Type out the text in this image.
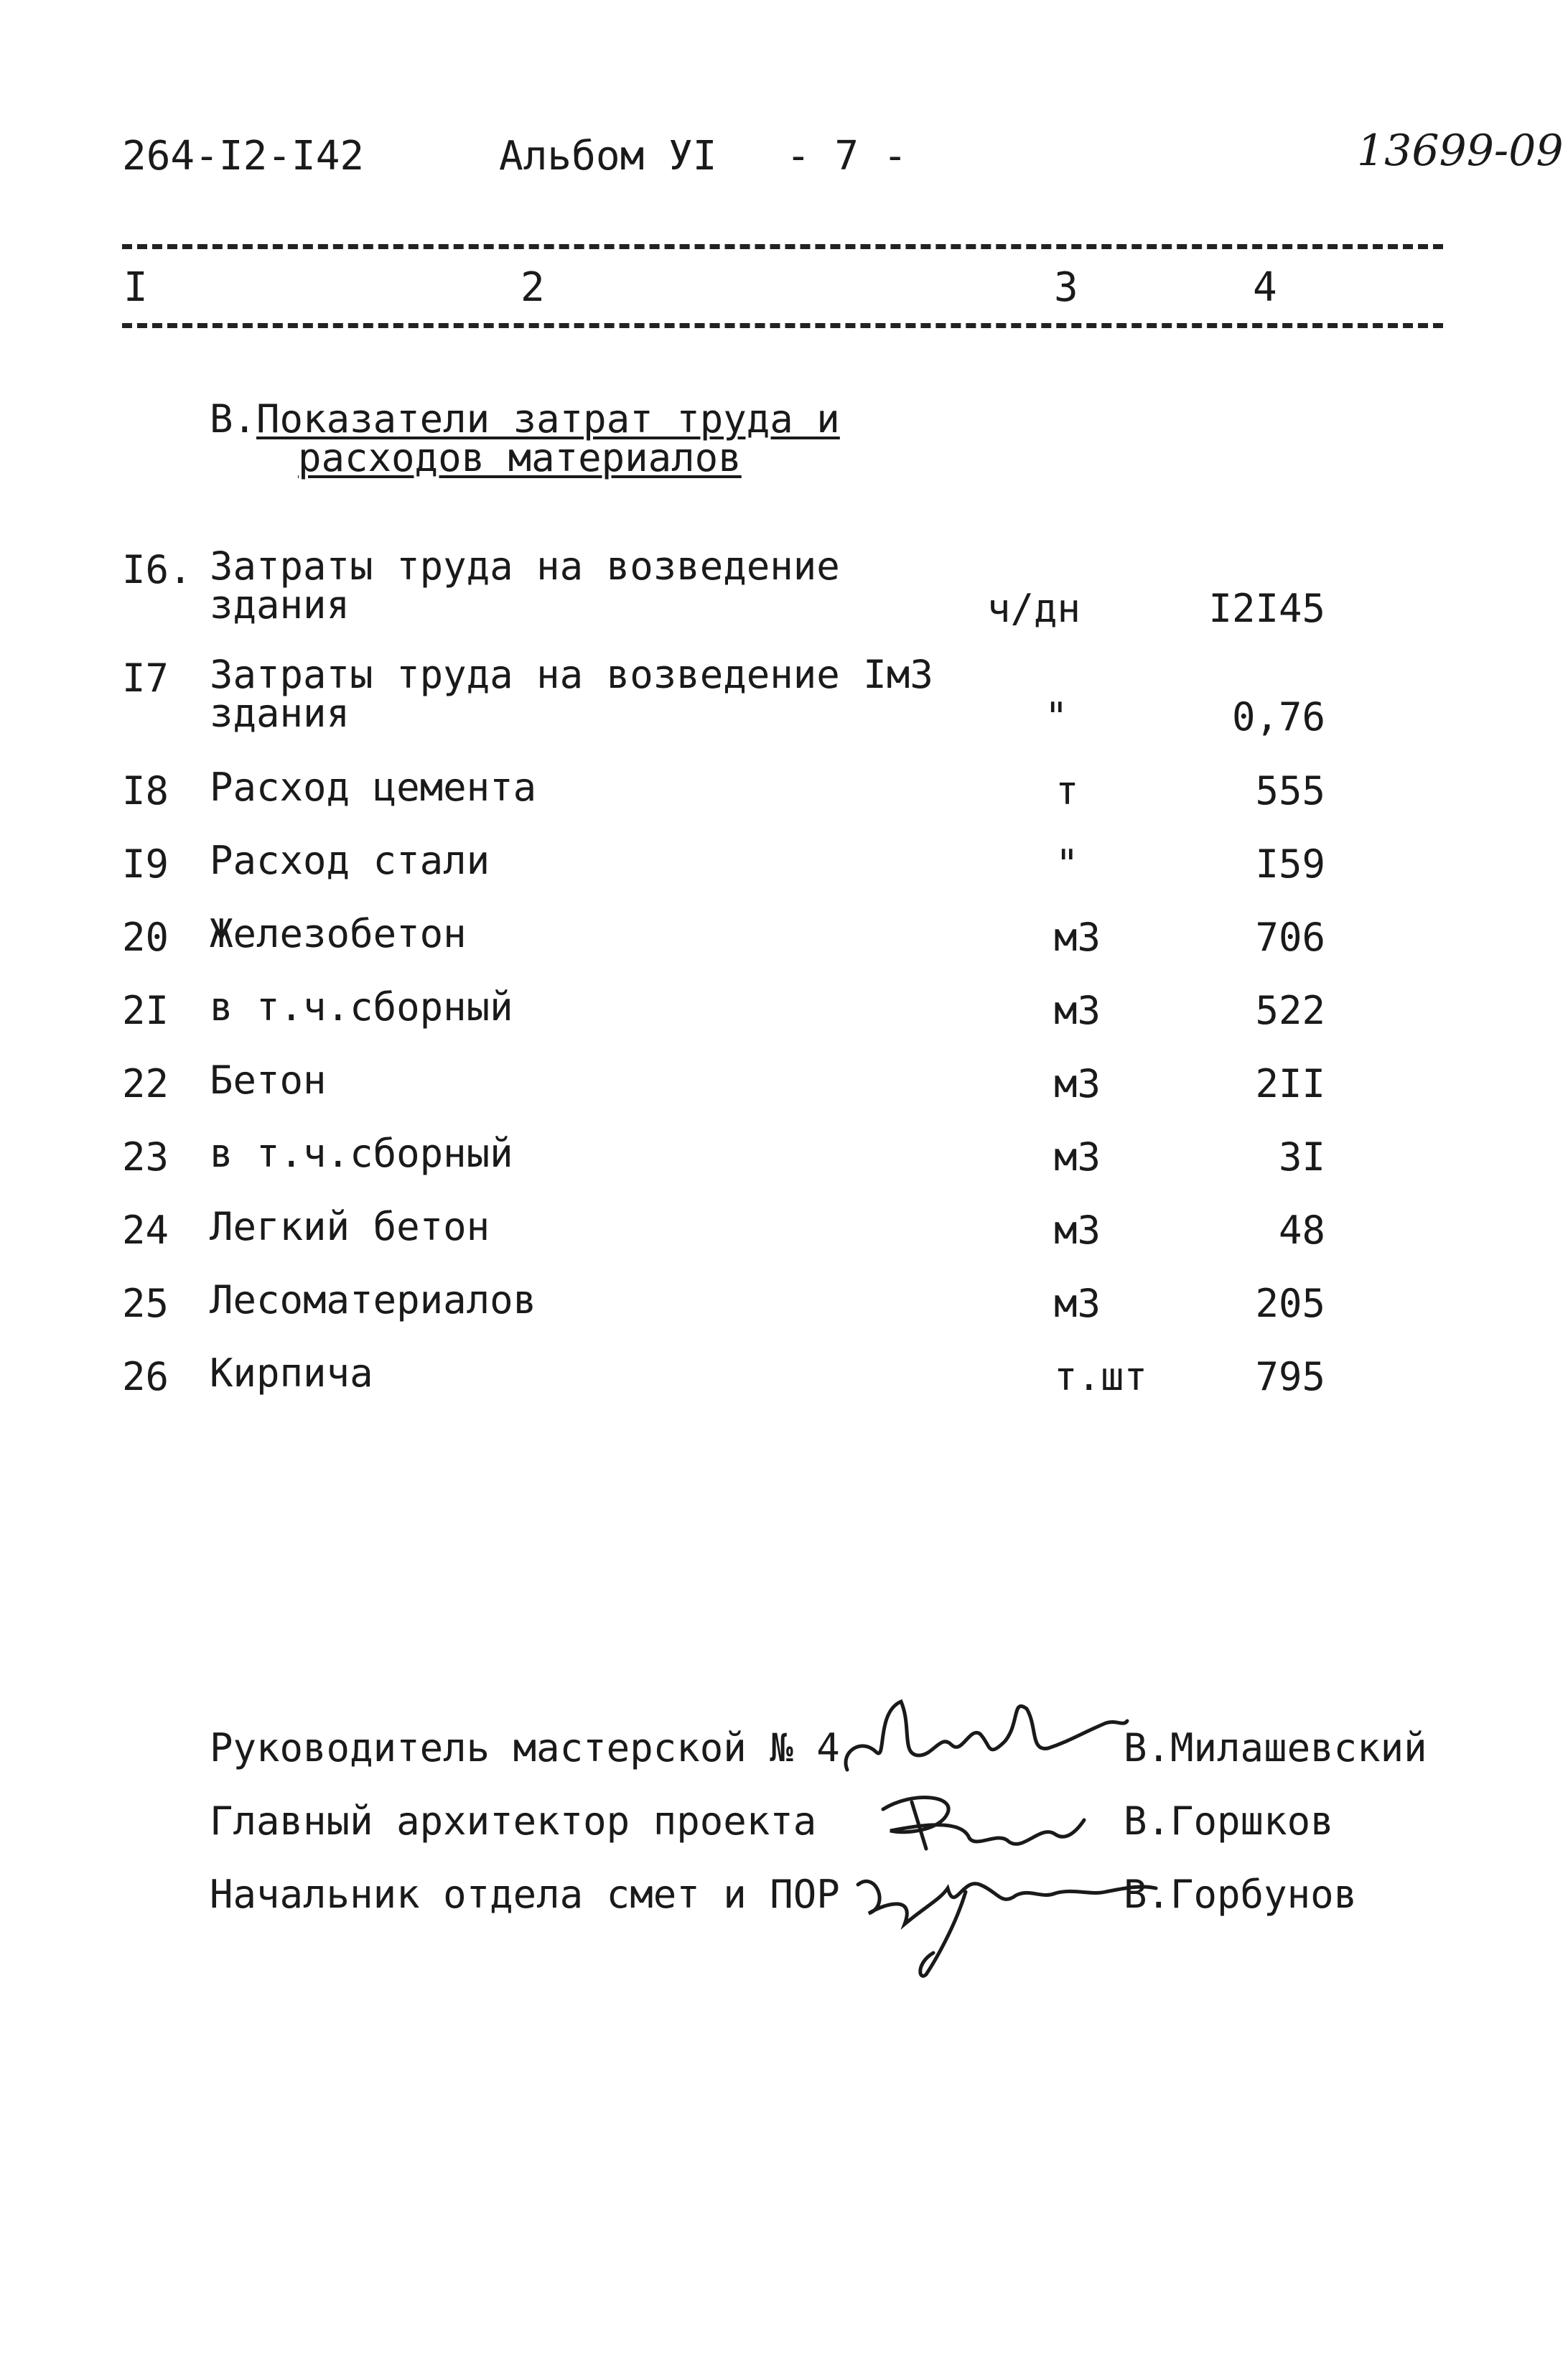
264-I2-I42	Альбом УI - 7 -	13699-09
I	2	3	4
В.Показатели затрат труда и
расходов материалов
I6. Затраты труда на возведение
здания	ч/дн	I2I45
I7 Затраты труда на возведение IмЗ
здания	"	0,76
I8 Расход цемента	т	555
I9 Расход стали	"	I59
20 Железобетон	мЗ	706
2I в т.ч.сборный	мЗ	522
22 Бетон	мЗ	2II
23 в т.ч.сборный	мЗ	3I
24 Легкий бетон	мЗ	48
25 Лесоматериалов	мЗ	205
26 Кирпича	т.шт	795
Руководитель мастерской № 4	В.Милашевский
Главный архитектор проекта	В.Горшков
Начальник отдела смет и ПОР	В.Горбунов
